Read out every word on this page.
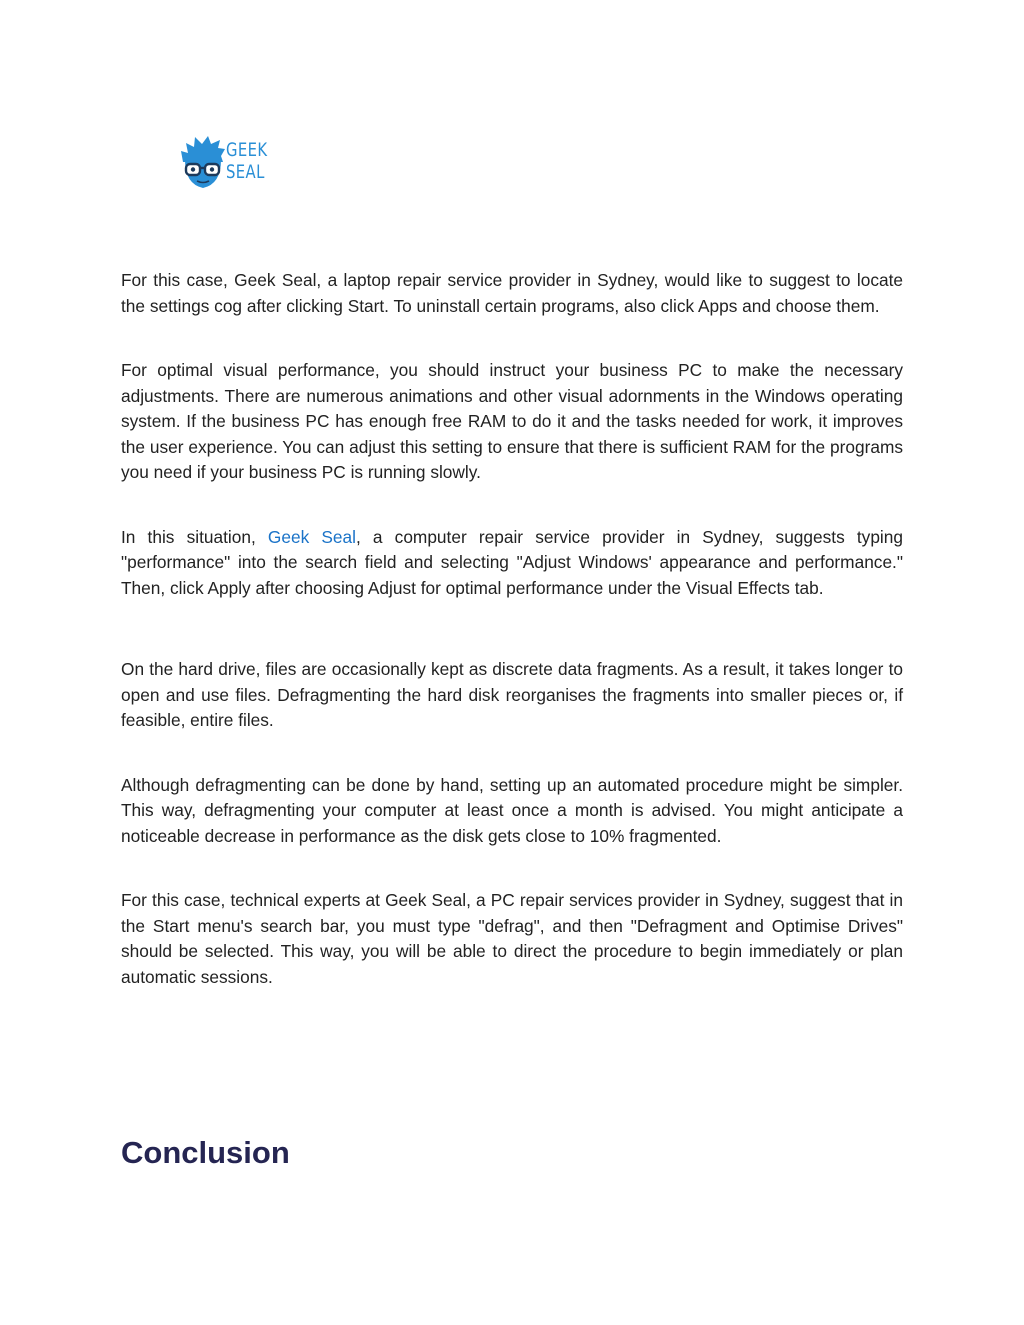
GEEK
SEAL

For this case, Geek Seal, a laptop repair service provider in Sydney, would like to suggest to locate the settings cog after clicking Start. To uninstall certain programs, also click Apps and choose them.

For optimal visual performance, you should instruct your business PC to make the necessary adjustments. There are numerous animations and other visual adornments in the Windows operating system. If the business PC has enough free RAM to do it and the tasks needed for work, it improves the user experience. You can adjust this setting to ensure that there is sufficient RAM for the programs you need if your business PC is running slowly.

In this situation, Geek Seal, a computer repair service provider in Sydney, suggests typing "performance" into the search field and selecting "Adjust Windows' appearance and performance." Then, click Apply after choosing Adjust for optimal performance under the Visual Effects tab.

On the hard drive, files are occasionally kept as discrete data fragments. As a result, it takes longer to open and use files. Defragmenting the hard disk reorganises the fragments into smaller pieces or, if feasible, entire files.

Although defragmenting can be done by hand, setting up an automated procedure might be simpler. This way, defragmenting your computer at least once a month is advised. You might anticipate a noticeable decrease in performance as the disk gets close to 10% fragmented.

For this case, technical experts at Geek Seal, a PC repair services provider in Sydney, suggest that in the Start menu's search bar, you must type "defrag", and then "Defragment and Optimise Drives" should be selected. This way, you will be able to direct the procedure to begin immediately or plan automatic sessions.

Conclusion
